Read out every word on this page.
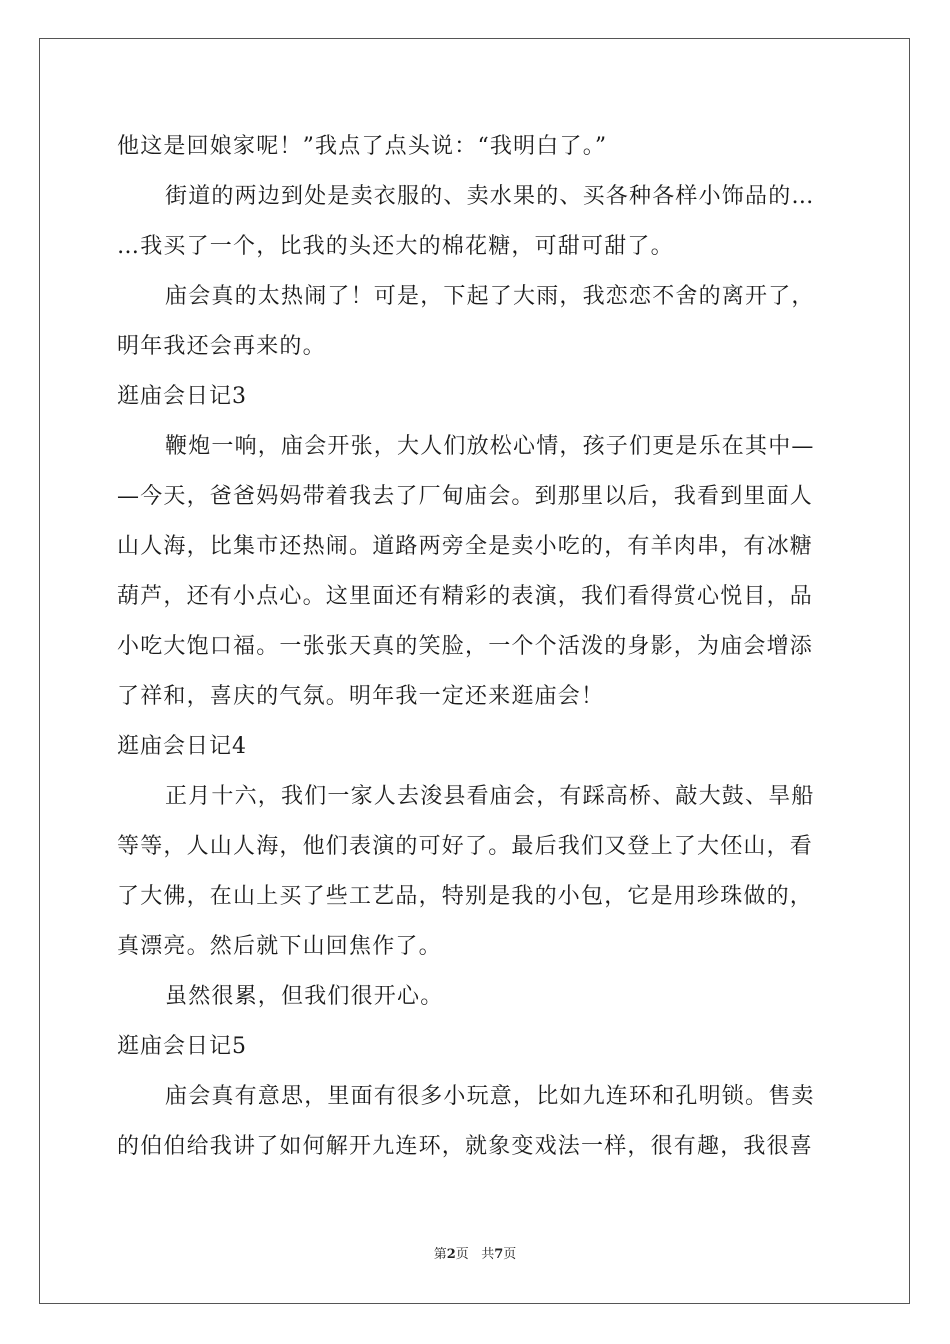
他这是回娘家呢！”我点了点头说：“我明白了。”
街道的两边到处是卖衣服的、卖水果的、买各种各样小饰品的…
…我买了一个，比我的头还大的棉花糖，可甜可甜了。
庙会真的太热闹了！可是，下起了大雨，我恋恋不舍的离开了，
明年我还会再来的。
逛庙会日记3
鞭炮一响，庙会开张，大人们放松心情，孩子们更是乐在其中—
—今天，爸爸妈妈带着我去了厂甸庙会。到那里以后，我看到里面人
山人海，比集市还热闹。道路两旁全是卖小吃的，有羊肉串，有冰糖
葫芦，还有小点心。这里面还有精彩的表演，我们看得赏心悦目，品
小吃大饱口福。一张张天真的笑脸，一个个活泼的身影，为庙会增添
了祥和，喜庆的气氛。明年我一定还来逛庙会！
逛庙会日记4
正月十六，我们一家人去浚县看庙会，有踩高桥、敲大鼓、旱船
等等，人山人海，他们表演的可好了。最后我们又登上了大伾山，看
了大佛，在山上买了些工艺品，特别是我的小包，它是用珍珠做的，
真漂亮。然后就下山回焦作了。
虽然很累，但我们很开心。
逛庙会日记5
庙会真有意思，里面有很多小玩意，比如九连环和孔明锁。售卖
的伯伯给我讲了如何解开九连环，就象变戏法一样，很有趣，我很喜
第2页   共7页
